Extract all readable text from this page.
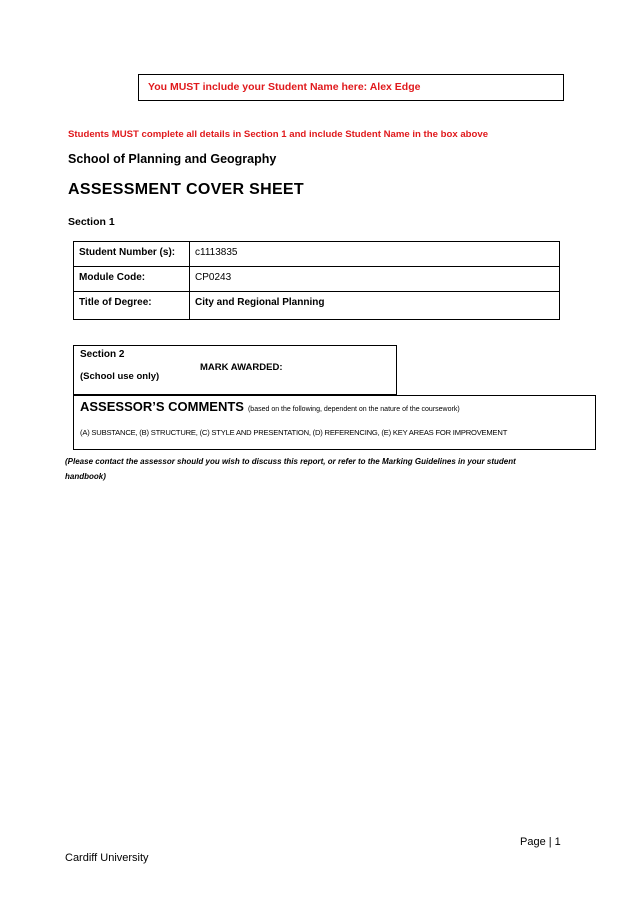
You MUST include your Student Name here: Alex Edge
Students MUST complete all details in Section 1 and include Student Name in the box above
School of Planning and Geography
ASSESSMENT COVER SHEET
Section 1
Student Number (s):	c1113835
Module Code:	CP0243
Title of Degree:	City and Regional Planning
Section 2
(School use only)
MARK AWARDED:
ASSESSOR’S COMMENTS (based on the following, dependent on the nature of the coursework)
(A) SUBSTANCE, (B) STRUCTURE, (C) STYLE AND PRESENTATION, (D) REFERENCING, (E) KEY AREAS FOR IMPROVEMENT
(Please contact the assessor should you wish to discuss this report, or refer to the Marking Guidelines in your student handbook)
Page | 1
Cardiff University
